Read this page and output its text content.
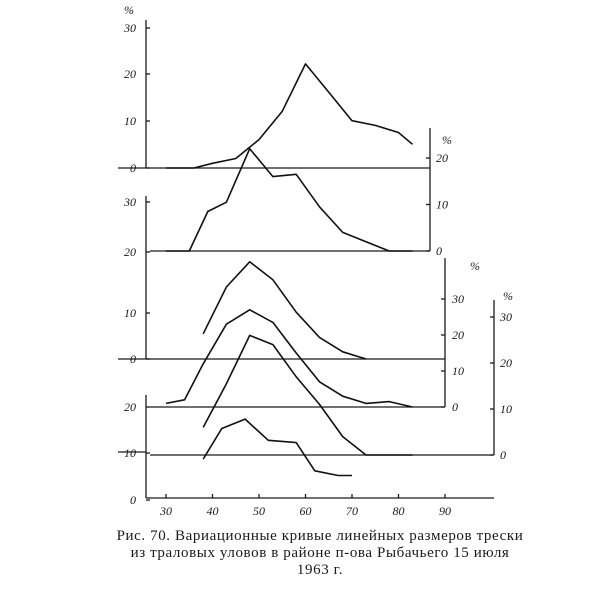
0
10
20
30
%
0
10
20
%
0
10
20
30
0
10
20
30
%
0
10
20
30
%
0
10
20
30	40	50	60	70	80	90
Рис. 70. Вариационные кривые линейных размеров трески
из траловых уловов в районе п-ова Рыбачьего 15 июля
1963 г.
